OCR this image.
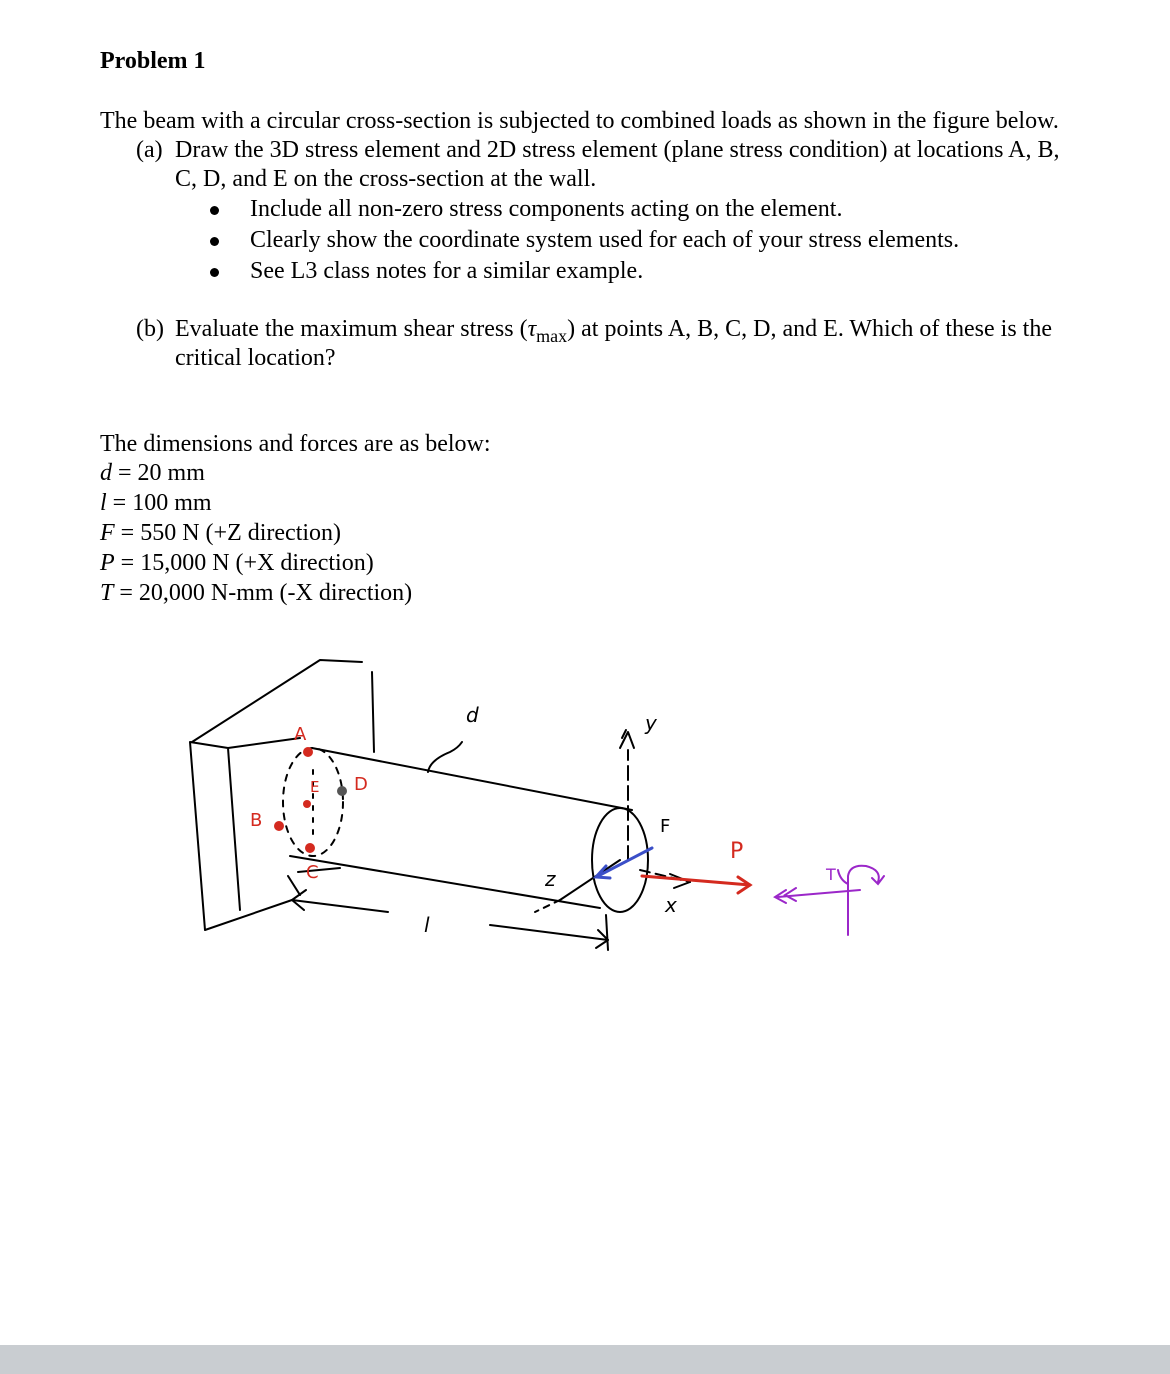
Problem 1
The beam with a circular cross-section is subjected to combined loads as shown in the figure below.
(a) Draw the 3D stress element and 2D stress element (plane stress condition) at locations A, B,
C, D, and E on the cross-section at the wall.
Include all non-zero stress components acting on the element.
Clearly show the coordinate system used for each of your stress elements.
See L3 class notes for a similar example.
(b) Evaluate the maximum shear stress $(\tau_{max})$ at points A, B, C, D, and E. Which of these is the
critical location?
The dimensions and forces are as below:
d = 20 mm
l = 100 mm
F = 550 N (+Z direction)
P = 15,000 N (+X direction)
T = 20,000 N-mm (-X direction)
d	y
z
x
l
A
B
C
D
E
F
P
T
